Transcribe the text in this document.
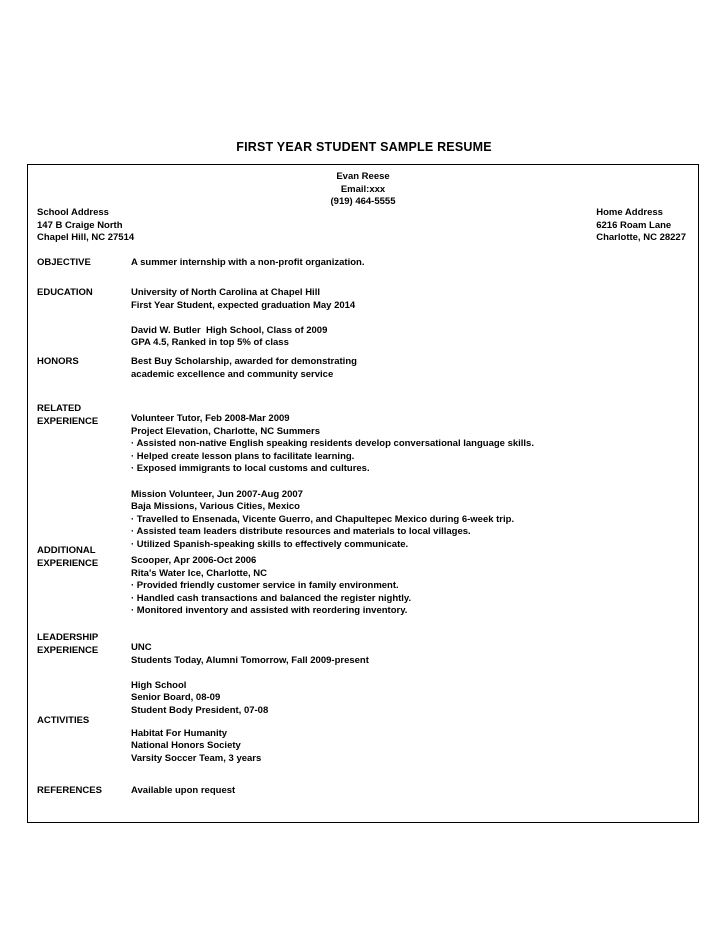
FIRST YEAR STUDENT SAMPLE RESUME
Evan Reese
Email:xxx
(919) 464-5555
School Address
147 B Craige North
Chapel Hill, NC 27514
Home Address
6216 Roam Lane
Charlotte, NC 28227
OBJECTIVE	A summer internship with a non-profit organization.
EDUCATION	University of North Carolina at Chapel Hill
First Year Student, expected graduation May 2014
David W. Butler  High School, Class of 2009
GPA 4.5, Ranked in top 5% of class
HONORS	Best Buy Scholarship, awarded for demonstrating
academic excellence and community service
RELATED
EXPERIENCE	Volunteer Tutor, Feb 2008-Mar 2009
Project Elevation, Charlotte, NC Summers
· Assisted non-native English speaking residents develop conversational language skills.
· Helped create lesson plans to facilitate learning.
· Exposed immigrants to local customs and cultures.
Mission Volunteer, Jun 2007-Aug 2007
Baja Missions, Various Cities, Mexico
· Travelled to Ensenada, Vicente Guerro, and Chapultepec Mexico during 6-week trip.
· Assisted team leaders distribute resources and materials to local villages.
· Utilized Spanish-speaking skills to effectively communicate.
ADDITIONAL
EXPERIENCE	Scooper, Apr 2006-Oct 2006
Rita's Water Ice, Charlotte, NC
· Provided friendly customer service in family environment.
· Handled cash transactions and balanced the register nightly.
· Monitored inventory and assisted with reordering inventory.
LEADERSHIP
EXPERIENCE	UNC
Students Today, Alumni Tomorrow, Fall 2009-present
High School
Senior Board, 08-09
Student Body President, 07-08
ACTIVITIES
Habitat For Humanity
National Honors Society
Varsity Soccer Team, 3 years
REFERENCES	Available upon request
